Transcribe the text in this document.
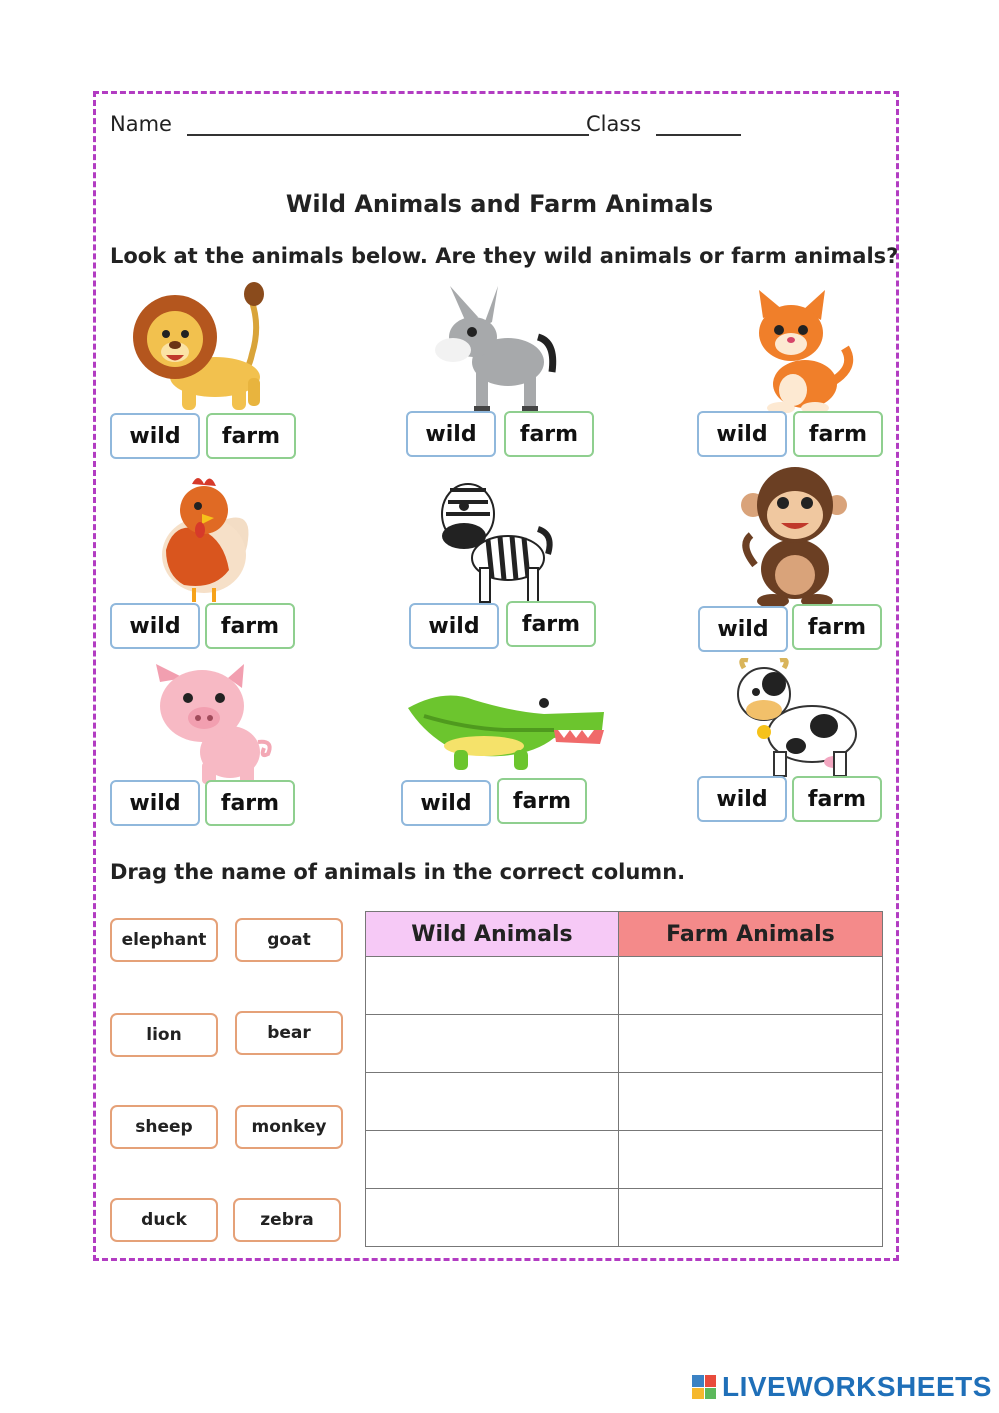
Name	Class
Wild Animals and Farm Animals
Look at the animals below. Are they wild animals or farm animals?
wild	farm	wild	farm	wild	farm
wild	farm	wild	farm	wild	farm
wild	farm	wild	farm	wild	farm
Drag the name of animals in the correct column.
elephant	goat
lion	bear
sheep	monkey
duck	zebra
Wild Animals	Farm Animals

LIVEWORKSHEETS
